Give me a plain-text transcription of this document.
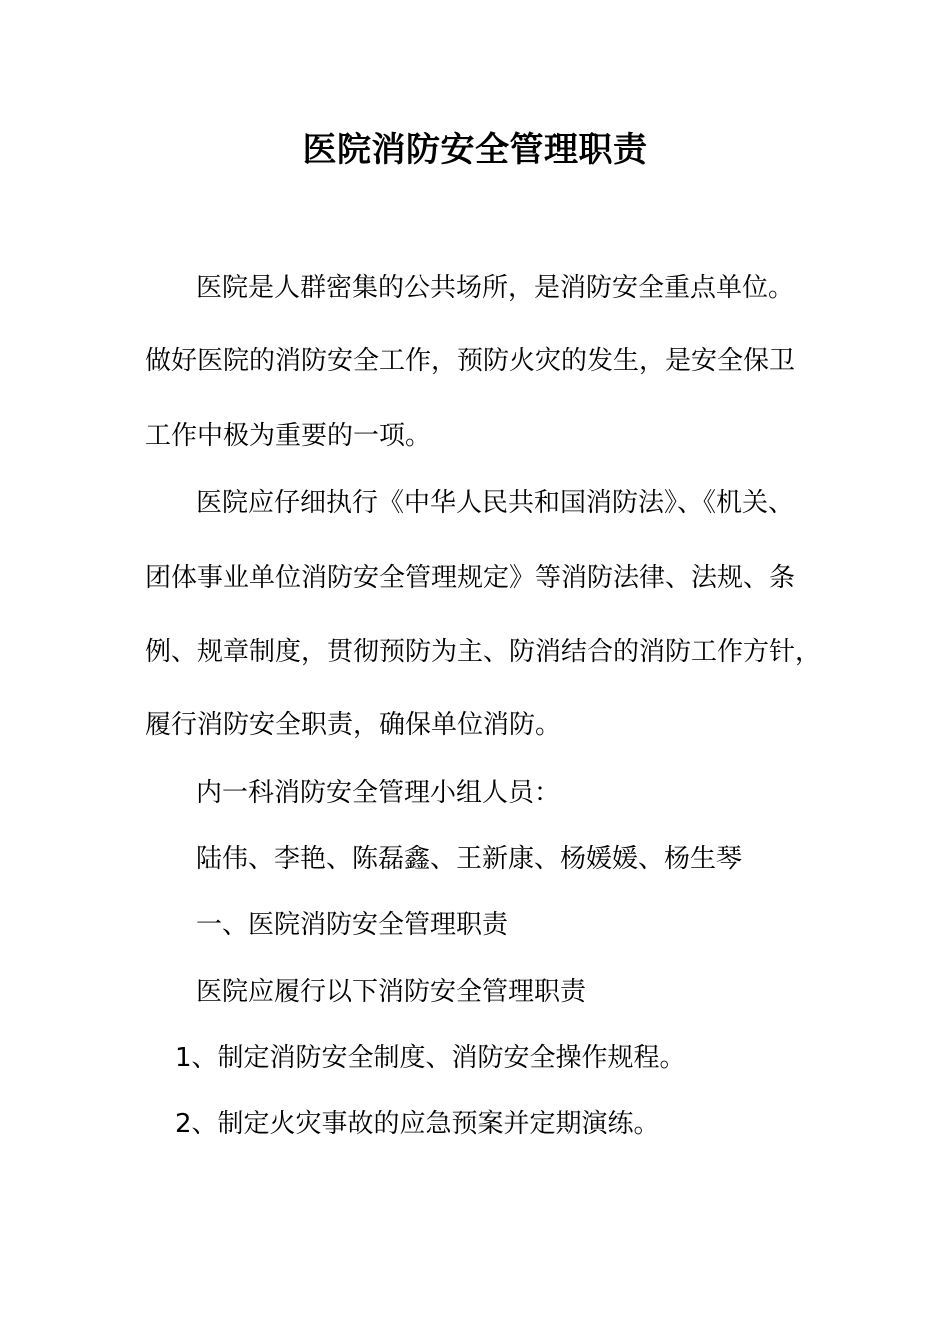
医院消防安全管理职责
医院是人群密集的公共场所，是消防安全重点单位。
做好医院的消防安全工作，预防火灾的发生，是安全保卫
工作中极为重要的一项。
医院应仔细执行《中华人民共和国消防法》、《机关、
团体事业单位消防安全管理规定》等消防法律、法规、条
例、规章制度，贯彻预防为主、防消结合的消防工作方针，
履行消防安全职责，确保单位消防。
内一科消防安全管理小组人员：
陆伟、李艳、陈磊鑫、王新康、杨媛媛、杨生琴
一、医院消防安全管理职责
医院应履行以下消防安全管理职责
1、制定消防安全制度、消防安全操作规程。
2、制定火灾事故的应急预案并定期演练。
